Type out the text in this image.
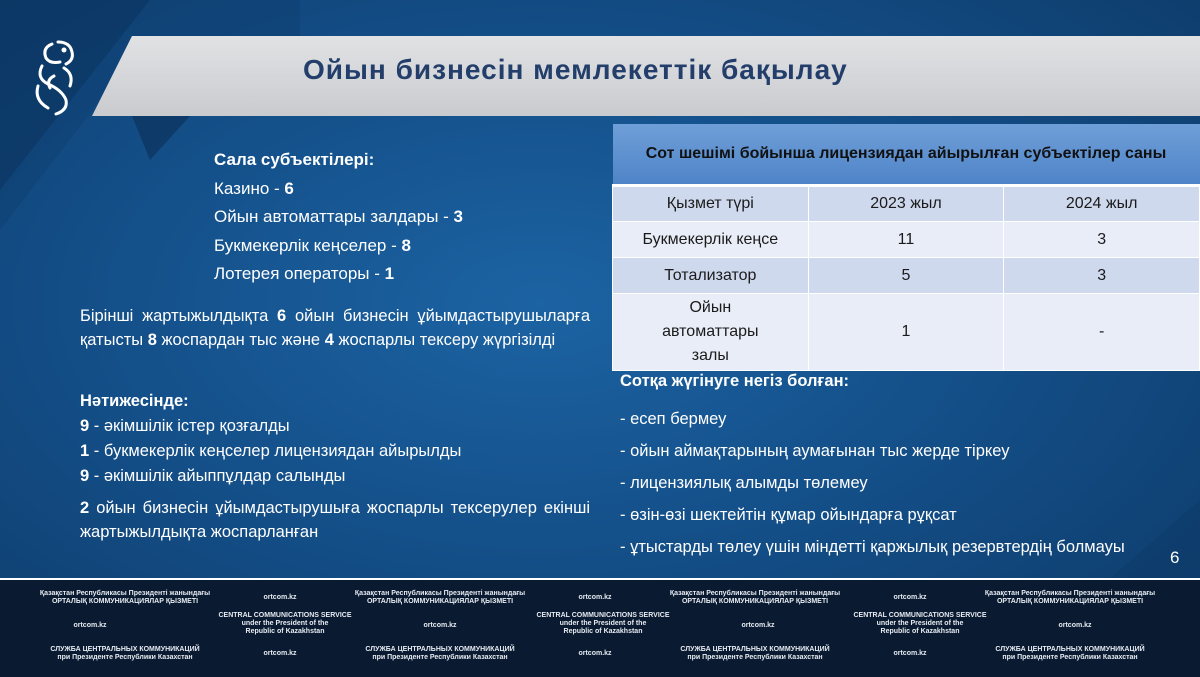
Ойын бизнесін мемлекеттік бақылау
Сала субъектілері:
Казино - 6
Ойын автоматтары залдары - 3
Букмекерлік кеңселер - 8
Лотерея операторы - 1
Бірінші жартыжылдықта 6 ойын бизнесін ұйымдастырушыларға қатысты 8 жоспардан тыс және 4 жоспарлы тексеру жүргізілді
Нәтижесінде:
9 - әкімшілік істер қозғалды
1 - букмекерлік кеңселер лицензиядан айырылды
9 - әкімшілік айыппұлдар салынды
2 ойын бизнесін ұйымдастырушыға жоспарлы тексерулер екінші жартыжылдықта жоспарланған
Сот шешімі бойынша лицензиядан айырылған субъектілер саны		
Қызмет түрі	2023 жыл	2024 жыл
Букмекерлік кеңсе	11	3
Тотализатор	5	3
Ойын автоматтары залы	1	-
Сотқа жүгінуге негіз болған:
- есеп бермеу
- ойын аймақтарының аумағынан тыс жерде тіркеу
- лицензиялық алымды төлемеу
- өзін-өзі шектейтін құмар ойындарға рұқсат
- ұтыстарды төлеу үшін міндетті қаржылық резервтердің болмауы
6
Қазақстан Республикасы Президенті жанындағы
ОРТАЛЫҚ КОММУНИКАЦИЯЛАР ҚЫЗМЕТІ
ortcom.kz
Қазақстан Республикасы Президенті жанындағы
ОРТАЛЫҚ КОММУНИКАЦИЯЛАР ҚЫЗМЕТІ
ortcom.kz
Қазақстан Республикасы Президенті жанындағы
ОРТАЛЫҚ КОММУНИКАЦИЯЛАР ҚЫЗМЕТІ
ortcom.kz
Қазақстан Республикасы Президенті жанындағы
ОРТАЛЫҚ КОММУНИКАЦИЯЛАР ҚЫЗМЕТІ
ortcom.kz
CENTRAL COMMUNICATIONS SERVICE
under the President of the
Republic of Kazakhstan
ortcom.kz
CENTRAL COMMUNICATIONS SERVICE
under the President of the
Republic of Kazakhstan
ortcom.kz
CENTRAL COMMUNICATIONS SERVICE
under the President of the
Republic of Kazakhstan
ortcom.kz
СЛУЖБА ЦЕНТРАЛЬНЫХ КОММУНИКАЦИЙ
при Президенте Республики Казахстан
ortcom.kz
СЛУЖБА ЦЕНТРАЛЬНЫХ КОММУНИКАЦИЙ
при Президенте Республики Казахстан
ortcom.kz
СЛУЖБА ЦЕНТРАЛЬНЫХ КОММУНИКАЦИЙ
при Президенте Республики Казахстан
ortcom.kz
СЛУЖБА ЦЕНТРАЛЬНЫХ КОММУНИКАЦИЙ
при Президенте Республики Казахстан
